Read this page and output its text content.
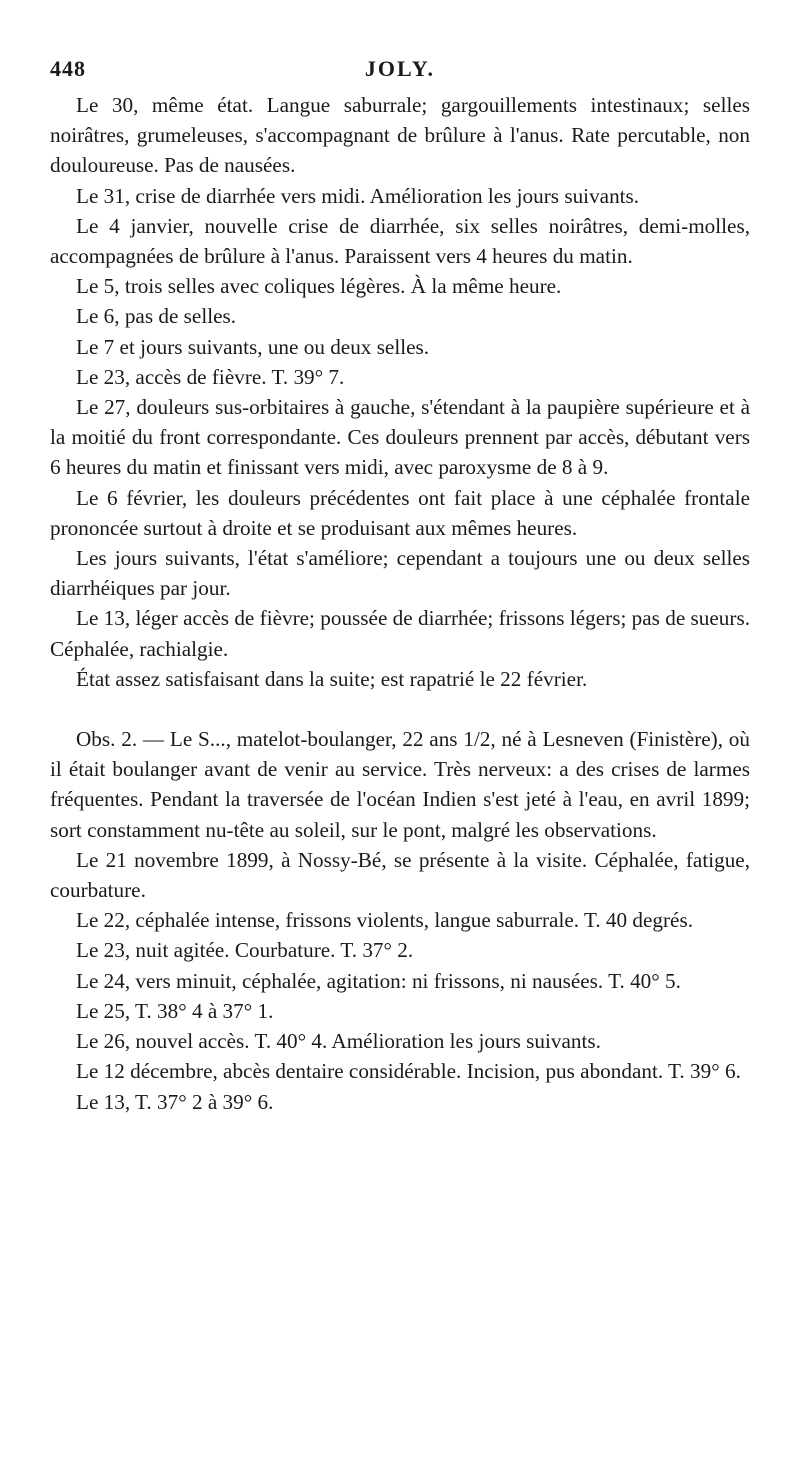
448	JOLY.

Le 30, même état. Langue saburrale; gargouillements intestinaux; selles noirâtres, grumeleuses, s'accompagnant de brûlure à l'anus. Rate percutable, non douloureuse. Pas de nausées.

Le 31, crise de diarrhée vers midi. Amélioration les jours suivants.

Le 4 janvier, nouvelle crise de diarrhée, six selles noirâtres, demi-molles, accompagnées de brûlure à l'anus. Paraissent vers 4 heures du matin.

Le 5, trois selles avec coliques légères. À la même heure.

Le 6, pas de selles.

Le 7 et jours suivants, une ou deux selles.

Le 23, accès de fièvre. T. 39° 7.

Le 27, douleurs sus-orbitaires à gauche, s'étendant à la paupière supérieure et à la moitié du front correspondante. Ces douleurs prennent par accès, débutant vers 6 heures du matin et finissant vers midi, avec paroxysme de 8 à 9.

Le 6 février, les douleurs précédentes ont fait place à une céphalée frontale prononcée surtout à droite et se produisant aux mêmes heures.

Les jours suivants, l'état s'améliore; cependant a toujours une ou deux selles diarrhéiques par jour.

Le 13, léger accès de fièvre; poussée de diarrhée; frissons légers; pas de sueurs. Céphalée, rachialgie.

État assez satisfaisant dans la suite; est rapatrié le 22 février.

Obs. 2. — Le S..., matelot-boulanger, 22 ans 1/2, né à Lesneven (Finistère), où il était boulanger avant de venir au service. Très nerveux: a des crises de larmes fréquentes. Pendant la traversée de l'océan Indien s'est jeté à l'eau, en avril 1899; sort constamment nu-tête au soleil, sur le pont, malgré les observations.

Le 21 novembre 1899, à Nossy-Bé, se présente à la visite. Céphalée, fatigue, courbature.

Le 22, céphalée intense, frissons violents, langue saburrale. T. 40 degrés.

Le 23, nuit agitée. Courbature. T. 37° 2.

Le 24, vers minuit, céphalée, agitation: ni frissons, ni nausées. T. 40° 5.

Le 25, T. 38° 4 à 37° 1.

Le 26, nouvel accès. T. 40° 4. Amélioration les jours suivants.

Le 12 décembre, abcès dentaire considérable. Incision, pus abondant. T. 39° 6.

Le 13, T. 37° 2 à 39° 6.
